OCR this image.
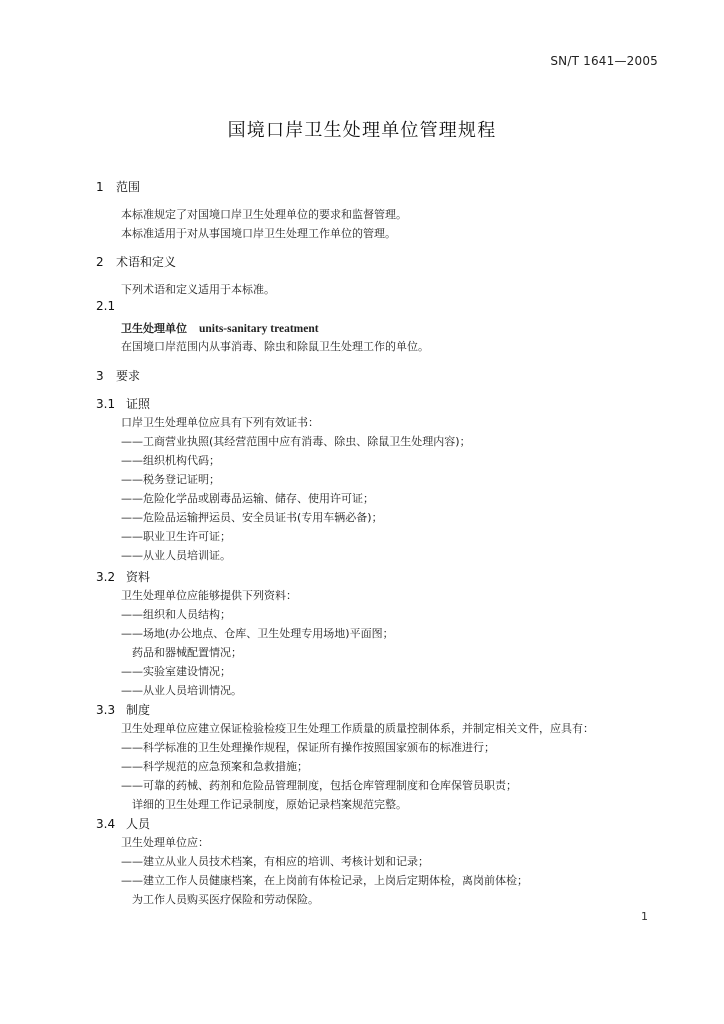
SN/T 1641—2005
国境口岸卫生处理单位管理规程
1 范围
本标准规定了对国境口岸卫生处理单位的要求和监督管理。
本标准适用于对从事国境口岸卫生处理工作单位的管理。
2 术语和定义
下列术语和定义适用于本标准。
2.1
卫生处理单位 units-sanitary treatment
在国境口岸范围内从事消毒、除虫和除鼠卫生处理工作的单位。
3 要求
3.1 证照
口岸卫生处理单位应具有下列有效证书：
——工商营业执照(其经营范围中应有消毒、除虫、除鼠卫生处理内容)；
——组织机构代码；
——税务登记证明；
——危险化学品或剧毒品运输、储存、使用许可证；
——危险品运输押运员、安全员证书(专用车辆必备)；
——职业卫生许可证；
——从业人员培训证。
3.2 资料
卫生处理单位应能够提供下列资料：
——组织和人员结构；
——场地(办公地点、仓库、卫生处理专用场地)平面图；
药品和器械配置情况；
——实验室建设情况；
——从业人员培训情况。
3.3 制度
卫生处理单位应建立保证检验检疫卫生处理工作质量的质量控制体系，并制定相关文件，应具有：
——科学标准的卫生处理操作规程，保证所有操作按照国家颁布的标准进行；
——科学规范的应急预案和急救措施；
——可靠的药械、药剂和危险品管理制度，包括仓库管理制度和仓库保管员职责；
详细的卫生处理工作记录制度，原始记录档案规范完整。
3.4 人员
卫生处理单位应：
——建立从业人员技术档案，有相应的培训、考核计划和记录；
——建立工作人员健康档案，在上岗前有体检记录，上岗后定期体检，离岗前体检；
为工作人员购买医疗保险和劳动保险。
1
